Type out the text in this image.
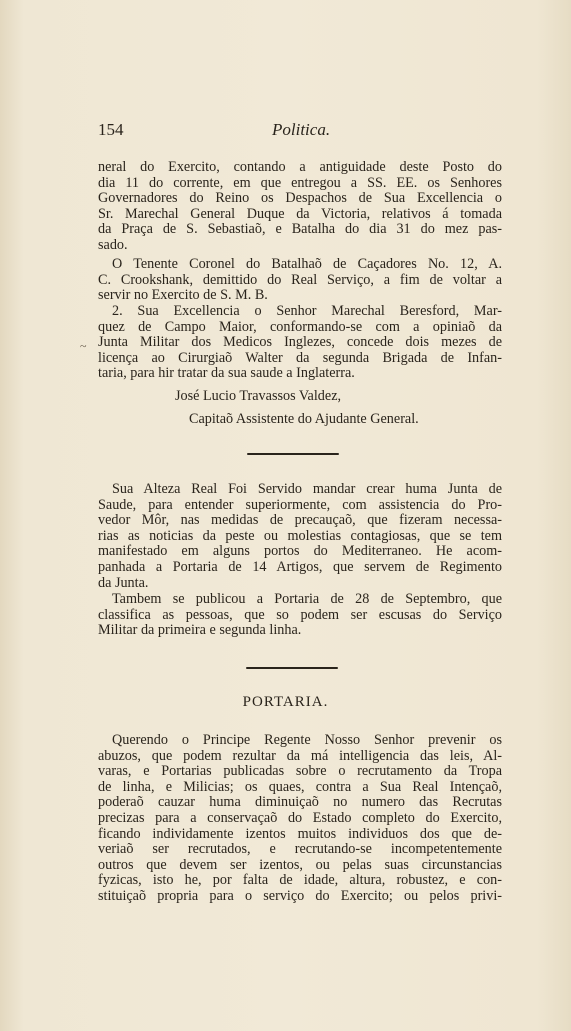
154	Politica.
~

neral do Exercito, contando a antiguidade deste Posto do

dia 11 do corrente, em que entregou a SS. EE. os Senhores

Governadores do Reino os Despachos de Sua Excellencia o

Sr. Marechal General Duque da Victoria, relativos á tomada

da Praça de S. Sebastiaõ, e Batalha do dia 31 do mez pas-

sado.

O Tenente Coronel do Batalhaõ de Caçadores No. 12, A.

C. Crookshank, demittido do Real Serviço, a fim de voltar a

servir no Exercito de S. M. B.

2. Sua Excellencia o Senhor Marechal Beresford, Mar-

quez de Campo Maior, conformando-se com a opiniaõ da

Junta Militar dos Medicos Inglezes, concede dois mezes de

licença ao Cirurgiaõ Walter da segunda Brigada de Infan-

taria, para hir tratar da sua saude a Inglaterra.

José Lucio Travassos Valdez,
Capitaõ Assistente do Ajudante General.

Sua Alteza Real Foi Servido mandar crear huma Junta de

Saude, para entender superiormente, com assistencia do Pro-

vedor Môr, nas medidas de precauçaõ, que fizeram necessa-

rias as noticias da peste ou molestias contagiosas, que se tem

manifestado em alguns portos do Mediterraneo. He acom-

panhada a Portaria de 14 Artigos, que servem de Regimento

da Junta.

Tambem se publicou a Portaria de 28 de Septembro, que

classifica as pessoas, que so podem ser escusas do Serviço

Militar da primeira e segunda linha.

PORTARIA.

Querendo o Principe Regente Nosso Senhor prevenir os

abuzos, que podem rezultar da má intelligencia das leis, Al-

varas, e Portarias publicadas sobre o recrutamento da Tropa

de linha, e Milicias; os quaes, contra a Sua Real Intençaõ,

poderaõ cauzar huma diminuiçaõ no numero das Recrutas

precizas para a conservaçaõ do Estado completo do Exercito,

ficando individamente izentos muitos individuos dos que de-

veriaõ ser recrutados, e recrutando-se incompetentemente

outros que devem ser izentos, ou pelas suas circunstancias

fyzicas, isto he, por falta de idade, altura, robustez, e con-

stituiçaõ propria para o serviço do Exercito; ou pelos privi-
